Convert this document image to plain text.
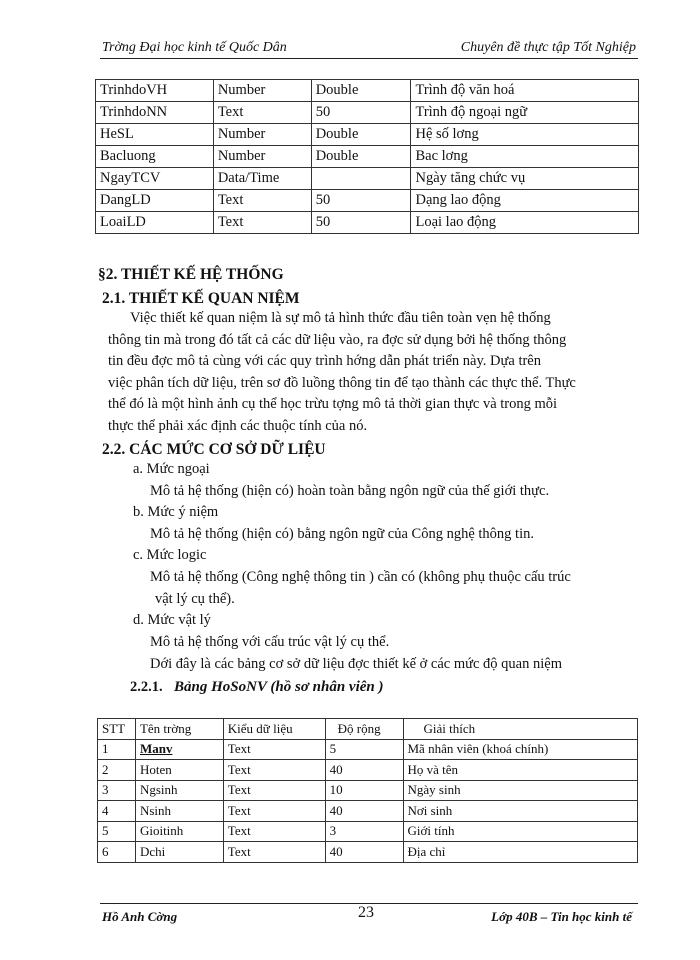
Trờng Đại học kinh tế Quốc Dân	Chuyên đề thực tập Tốt Nghiệp
TrinhdoVH	Number	Double	Trình độ văn hoá
TrinhdoNN	Text	50	Trình độ ngoại ngữ
HeSL	Number	Double	Hệ số lơng
Bacluong	Number	Double	Bac lơng
NgayTCV	Data/Time		Ngày tăng chức vụ
DangLD	Text	50	Dạng lao động
LoaiLD	Text	50	Loại lao động
§2. THIẾT KẾ HỆ THỐNG
2.1. THIẾT KẾ QUAN NIỆM

Việc thiết kế quan niệm là sự mô tả hình thức đầu tiên toàn vẹn hệ thống

thông tin mà trong đó tất cả các dữ liệu vào, ra đợc sử dụng bởi hệ thống thông

tin đều đợc mô tả cùng với các quy trình hớng dẫn phát triển này. Dựa trên

việc phân tích dữ liệu, trên sơ đồ luồng thông tin để tạo thành các thực thể. Thực

thể đó là một hình ảnh cụ thể học trừu tợng mô tả thời gian thực và trong mỗi

thực thể phải xác định các thuộc tính của nó.

2.2. CÁC MỨC CƠ SỞ DỮ LIỆU
a. Mức ngoại
Mô tả hệ thống (hiện có) hoàn toàn bằng ngôn ngữ của thế giới thực.
b. Mức ý niệm
Mô tả hệ thống (hiện có) bằng ngôn ngữ của Công nghệ thông tin.
c. Mức logic
Mô tả hệ thống (Công nghệ thông tin ) cần có (không phụ thuộc cấu trúc
vật lý cụ thể).
d. Mức vật lý
Mô tả hệ thống với cấu trúc vật lý cụ thể.
Dới đây là các bảng cơ sở dữ liệu đợc thiết kế ở các mức độ quan niệm
2.2.1. Bảng HoSoNV (hồ sơ nhân viên )
STT	Tên trờng	Kiểu dữ liệu	Độ rộng	Giải thích
1	Manv	Text	5	Mã nhân viên (khoá chính)
2	Hoten	Text	40	Họ và tên
3	Ngsinh	Text	10	Ngày sinh
4	Nsinh	Text	40	Nơi sinh
5	Gioitinh	Text	3	Giới tính
6	Dchi	Text	40	Địa chỉ
Hồ Anh Cờng	23	Lớp 40B – Tin học kinh tế
